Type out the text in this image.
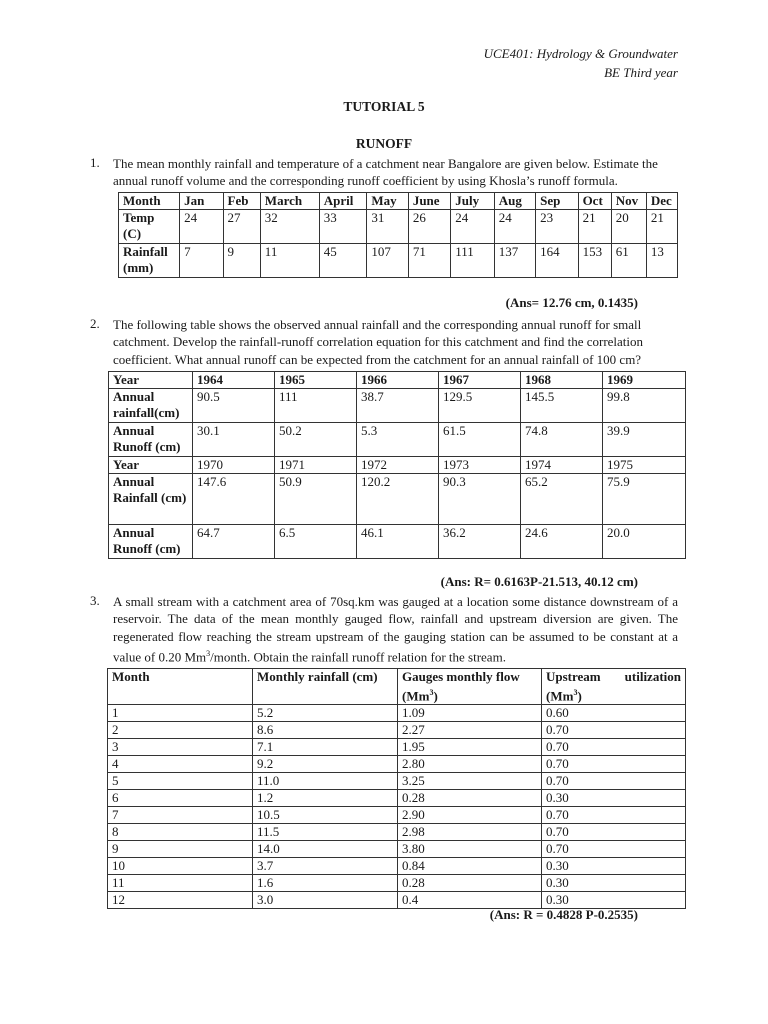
UCE401: Hydrology & Groundwater
BE Third year
TUTORIAL 5
RUNOFF
1. The mean monthly rainfall and temperature of a catchment near Bangalore are given below. Estimate the annual runoff volume and the corresponding runoff coefficient by using Khosla’s runoff formula.
Month	Jan	Feb	March	April	May	June	July	Aug	Sep	Oct	Nov	Dec
Temp (C)	24	27	32	33	31	26	24	24	23	21	20	21
Rainfall (mm)	7	9	11	45	107	71	111	137	164	153	61	13
(Ans= 12.76 cm, 0.1435)
2. The following table shows the observed annual rainfall and the corresponding annual runoff for small catchment. Develop the rainfall-runoff correlation equation for this catchment and find the correlation coefficient. What annual runoff can be expected from the catchment for an annual rainfall of 100 cm?
Year	1964	1965	1966	1967	1968	1969
Annual rainfall(cm)	90.5	111	38.7	129.5	145.5	99.8
Annual Runoff (cm)	30.1	50.2	5.3	61.5	74.8	39.9
Year	1970	1971	1972	1973	1974	1975
Annual Rainfall (cm)	147.6	50.9	120.2	90.3	65.2	75.9
Annual Runoff (cm)	64.7	6.5	46.1	36.2	24.6	20.0
(Ans: R= 0.6163P-21.513, 40.12 cm)
3. A small stream with a catchment area of 70sq.km was gauged at a location some distance downstream of a reservoir. The data of the mean monthly gauged flow, rainfall and upstream diversion are given. The regenerated flow reaching the stream upstream of the gauging station can be assumed to be constant at a value of 0.20 Mm$^3$/month. Obtain the rainfall runoff relation for the stream.
Month	Monthly rainfall (cm)	Gauges monthly flow (Mm$^3$)	Upstream utilization (Mm$^3$)
1	5.2	1.09	0.60
2	8.6	2.27	0.70
3	7.1	1.95	0.70
4	9.2	2.80	0.70
5	11.0	3.25	0.70
6	1.2	0.28	0.30
7	10.5	2.90	0.70
8	11.5	2.98	0.70
9	14.0	3.80	0.70
10	3.7	0.84	0.30
11	1.6	0.28	0.30
12	3.0	0.4	0.30
(Ans: R = 0.4828 P-0.2535)
